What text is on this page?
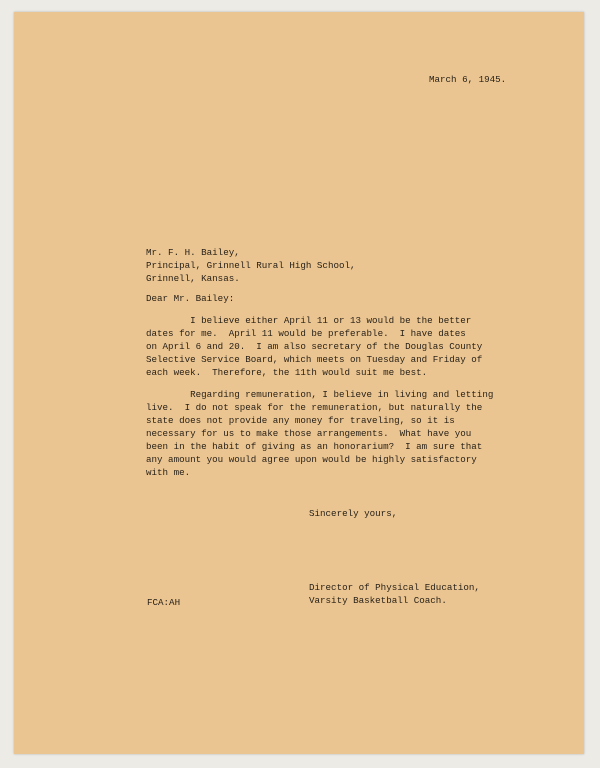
March 6, 1945.
Mr. F. H. Bailey,
Principal, Grinnell Rural High School,
Grinnell, Kansas.
Dear Mr. Bailey:
I believe either April 11 or 13 would be the better
dates for me.  April 11 would be preferable.  I have dates
on April 6 and 20.  I am also secretary of the Douglas County
Selective Service Board, which meets on Tuesday and Friday of
each week.  Therefore, the 11th would suit me best.
Regarding remuneration, I believe in living and letting
live.  I do not speak for the remuneration, but naturally the
state does not provide any money for traveling, so it is
necessary for us to make those arrangements.  What have you
been in the habit of giving as an honorarium?  I am sure that
any amount you would agree upon would be highly satisfactory
with me.
Sincerely yours,
Director of Physical Education,
Varsity Basketball Coach.
FCA:AH
